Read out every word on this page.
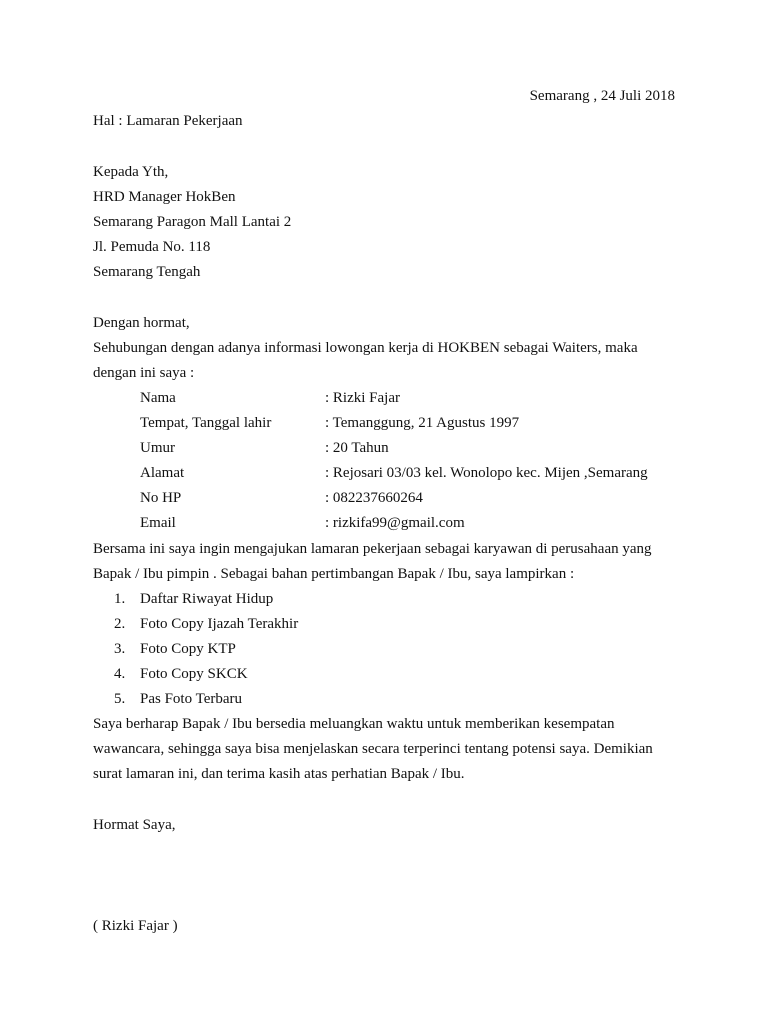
Semarang , 24 Juli 2018
Hal : Lamaran Pekerjaan
Kepada Yth,
HRD Manager HokBen
Semarang Paragon Mall Lantai 2
Jl. Pemuda No. 118
Semarang Tengah
Dengan hormat,
Sehubungan dengan adanya informasi lowongan kerja di HOKBEN sebagai Waiters, maka
dengan ini saya :
Nama	: Rizki Fajar
Tempat, Tanggal lahir	: Temanggung, 21 Agustus 1997
Umur	: 20 Tahun
Alamat	: Rejosari 03/03 kel. Wonolopo kec. Mijen ,Semarang
No HP	: 082237660264
Email	: rizkifa99@gmail.com
Bersama ini saya ingin mengajukan lamaran pekerjaan sebagai karyawan di perusahaan yang
Bapak / Ibu pimpin . Sebagai bahan pertimbangan Bapak / Ibu, saya lampirkan :
1. Daftar Riwayat Hidup
2. Foto Copy Ijazah Terakhir
3. Foto Copy KTP
4. Foto Copy SKCK
5. Pas Foto Terbaru
Saya berharap Bapak / Ibu bersedia meluangkan waktu untuk memberikan kesempatan
wawancara, sehingga saya bisa menjelaskan secara terperinci tentang potensi saya. Demikian
surat lamaran ini, dan terima kasih atas perhatian Bapak / Ibu.
Hormat Saya,
( Rizki Fajar )
